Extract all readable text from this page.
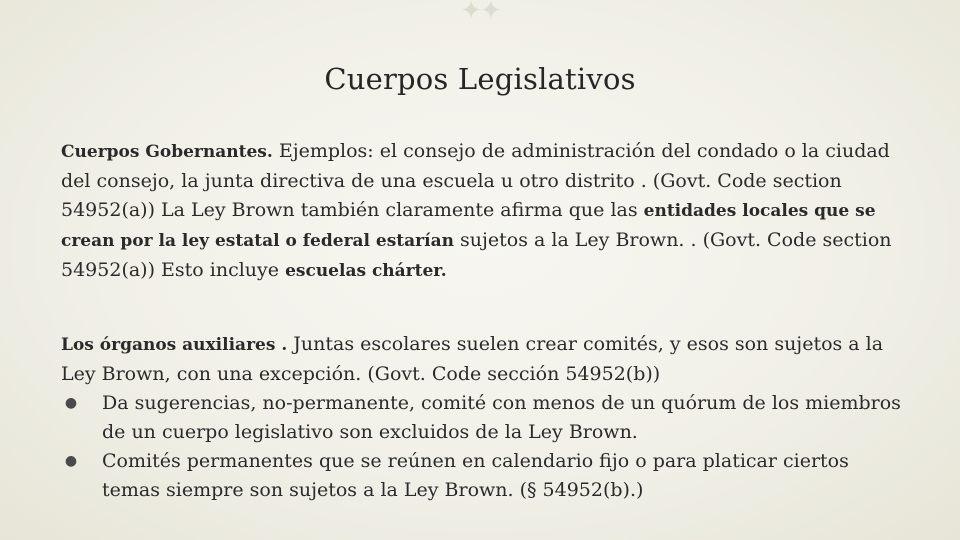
✦✦
Cuerpos Legislativos
Cuerpos Gobernantes. Ejemplos: el consejo de administración del condado o la ciudad del consejo, la junta directiva de una escuela u otro distrito . (Govt. Code section 54952(a)) La Ley Brown también claramente afirma que las entidades locales que se crean por la ley estatal o federal estarían sujetos a la Ley Brown. . (Govt. Code section 54952(a)) Esto incluye escuelas chárter.
Los órganos auxiliares . Juntas escolares suelen crear comités, y esos son sujetos a la Ley Brown, con una excepción. (Govt. Code sección 54952(b))
● Da sugerencias, no-permanente, comité con menos de un quórum de los miembros de un cuerpo legislativo son excluidos de la Ley Brown.
● Comités permanentes que se reúnen en calendario fijo o para platicar ciertos temas siempre son sujetos a la Ley Brown. (§ 54952(b).)
